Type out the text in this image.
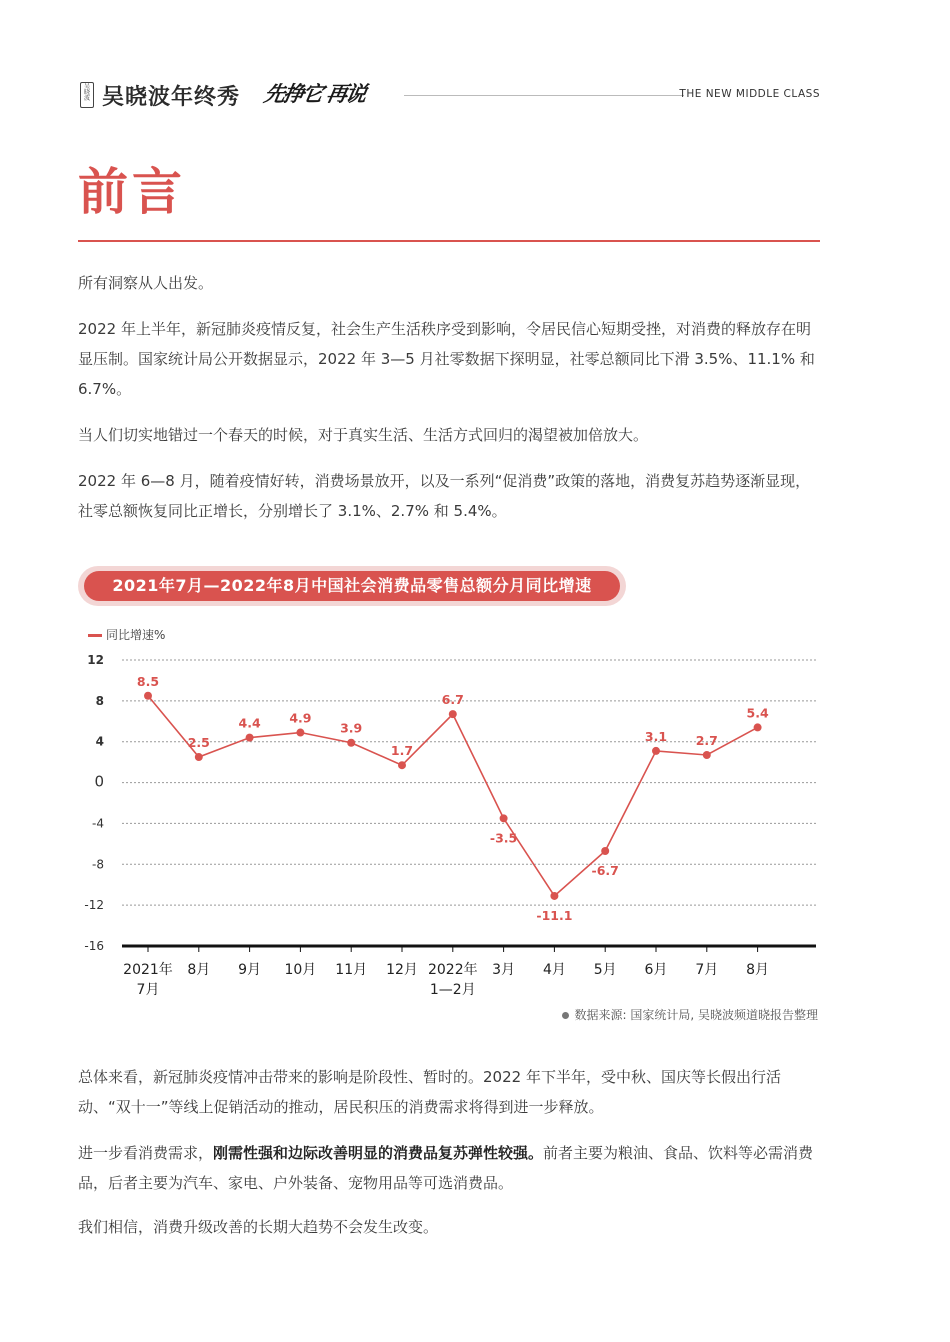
吴
晓
波 吴晓波年终秀 先挣它 再说	THE NEW MIDDLE CLASS
前言

所有洞察从人出发。

2022 年上半年，新冠肺炎疫情反复，社会生产生活秩序受到影响，令居民信心短期受挫，对消费的释放存在明显压制。国家统计局公开数据显示，2022 年 3—5 月社零数据下探明显，社零总额同比下滑 3.5%、11.1% 和 6.7%。

当人们切实地错过一个春天的时候，对于真实生活、生活方式回归的渴望被加倍放大。

2022 年 6—8 月，随着疫情好转，消费场景放开，以及一系列“促消费”政策的落地，消费复苏趋势逐渐显现，社零总额恢复同比正增长，分别增长了 3.1%、2.7% 和 5.4%。

2021年7月—2022年8月中国社会消费品零售总额分月同比增速
同比增速%
12
8
4
0
-4
-8
-12
-16
2021年
7月
8月 9月 10月 11月 12月 2022年
1—2月
3月 4月 5月 6月 7月 8月
8.5
2.5
4.4 4.9
3.9
1.7
6.7
-3.5
-11.1
-6.7
3.1 2.7
5.4
数据来源: 国家统计局, 吴晓波频道晓报告整理

总体来看，新冠肺炎疫情冲击带来的影响是阶段性、暂时的。2022 年下半年，受中秋、国庆等长假出行活动、“双十一”等线上促销活动的推动，居民积压的消费需求将得到进一步释放。

进一步看消费需求，刚需性强和边际改善明显的消费品复苏弹性较强。前者主要为粮油、食品、饮料等必需消费品，后者主要为汽车、家电、户外装备、宠物用品等可选消费品。

我们相信，消费升级改善的长期大趋势不会发生改变。
